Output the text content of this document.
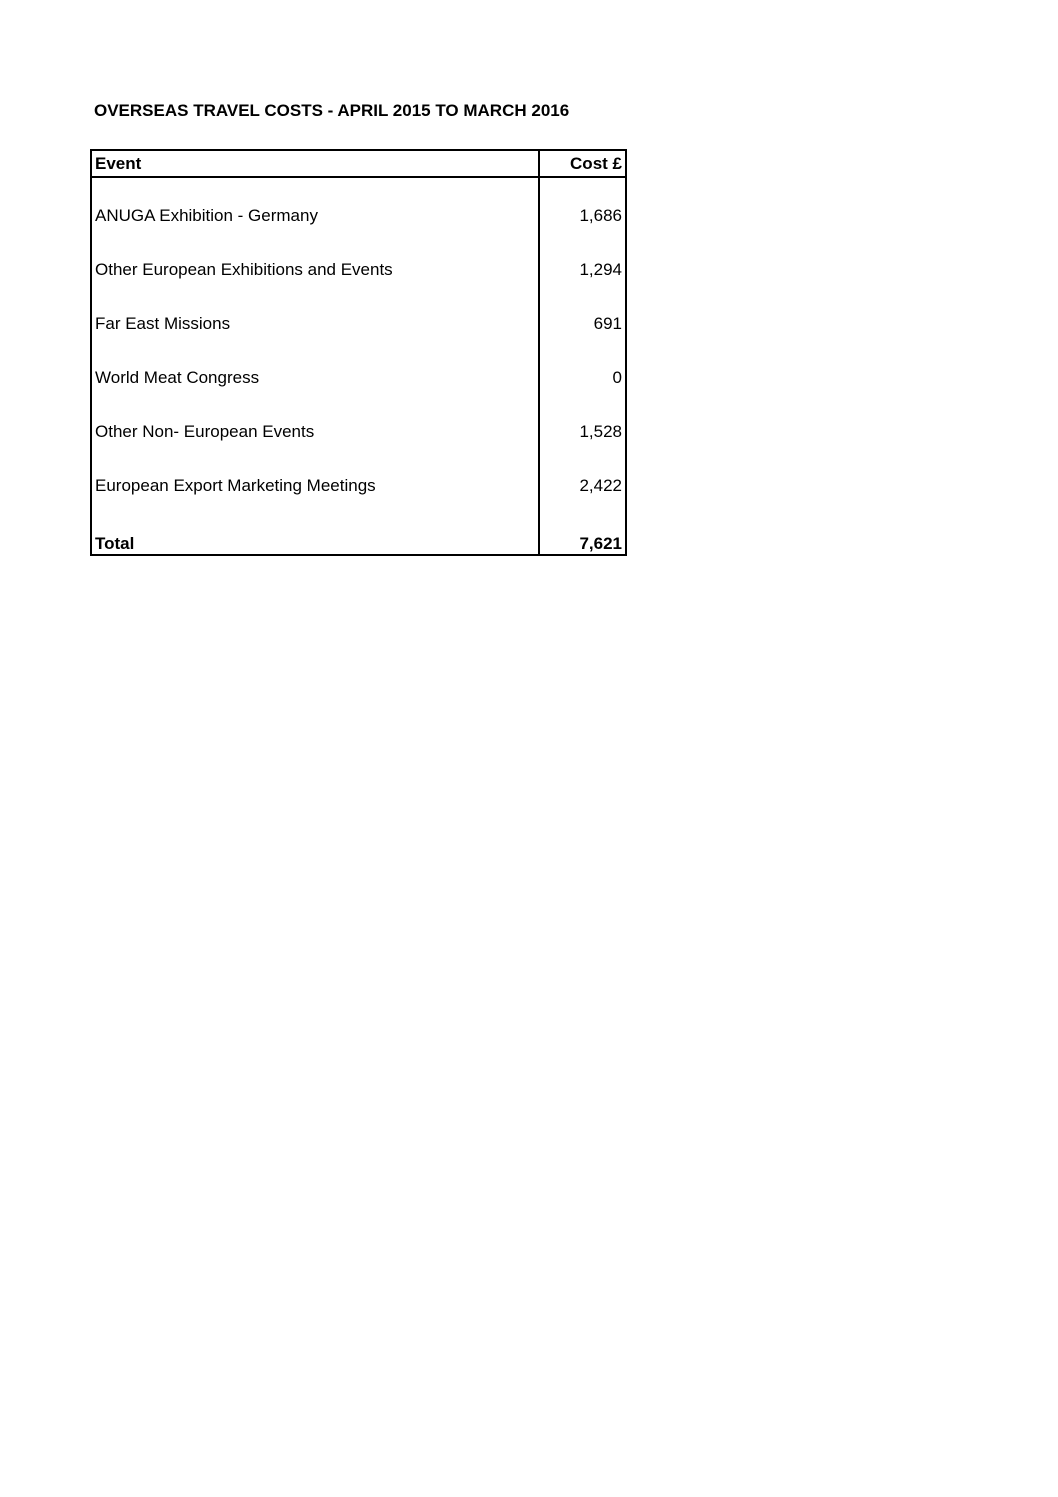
OVERSEAS TRAVEL COSTS - APRIL 2015 TO MARCH 2016
Event	Cost £

ANUGA Exhibition - Germany	1,686
Other European Exhibitions and Events	1,294
Far East Missions	691
World Meat Congress	0
Other Non- European Events	1,528
European Export Marketing Meetings	2,422
Total	7,621
